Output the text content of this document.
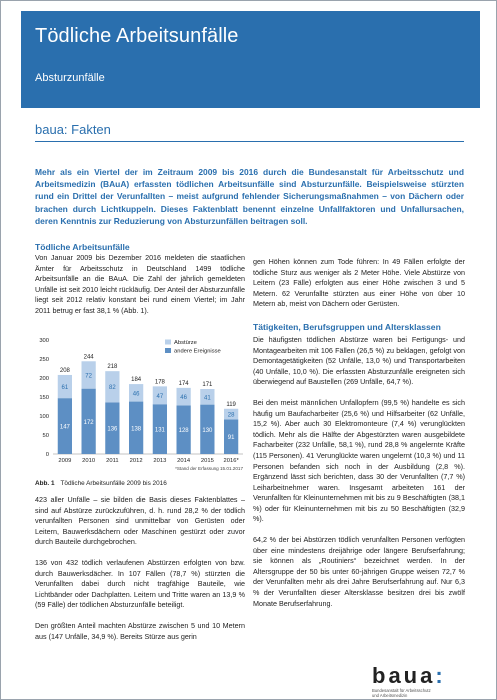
Tödliche Arbeitsunfälle
Absturzunfälle
baua: Fakten
Mehr als ein Viertel der im Zeitraum 2009 bis 2016 durch die Bundesanstalt für Arbeitsschutz und Arbeitsmedizin (BAuA) erfassten tödlichen Arbeitsunfälle sind Absturzunfälle. Beispielsweise stürzten rund ein Drittel der Verunfallten – meist aufgrund fehlender Sicherungsmaßnahmen – von Dächern oder brachen durch Lichtkuppeln. Dieses Faktenblatt benennt einzelne Unfallfaktoren und Unfallursachen, deren Kenntnis zur Reduzierung von Absturzunfällen beitragen soll.
Tödliche Arbeitsunfälle

Von Januar 2009 bis Dezember 2016 meldeten die staatlichen Ämter für Arbeitsschutz in Deutschland 1499 tödliche Arbeitsunfälle an die BAuA. Die Zahl der jährlich gemeldeten Unfälle ist seit 2010 leicht rückläufig. Der Anteil der Absturzunfälle liegt seit 2012 relativ konstant bei rund einem Viertel; im Jahr 2011 betrug er fast 38,1 % (Abb. 1).

0
50
100
150
200
250
300
147
61
208
2009
172
72
244
2010
136
82
218
2011
138
46
184
2012
131
47
178
2013
128
46
174
2014
130
41
171
2015
91
28
119
2016*
Abstürze
andere Ereignisse
*Stand der Erfassung 15.01.2017
Abb. 1 Tödliche Arbeitsunfälle 2009 bis 2016

423 aller Unfälle – sie bilden die Basis dieses Faktenblattes – sind auf Abstürze zurückzuführen, d. h. rund 28,2 % der tödlich verunfallten Personen sind unmittelbar von Gerüsten oder Leitern, Bauwerksdächern oder Maschinen gestürzt oder zuvor durch Bauteile durchgebrochen.

136 von 432 tödlich verlaufenen Abstürzen erfolgten von bzw. durch Bauwerksdächer. In 107 Fällen (78,7 %) stürzten die Verunfallten dabei durch nicht tragfähige Bauteile, wie Lichtbänder oder Dachplatten. Leitern und Tritte waren an 13,9 % (59 Fälle) der tödlichen Absturzunfälle beteiligt.

Den größten Anteil machten Abstürze zwischen 5 und 10 Metern aus (147 Unfälle, 34,9 %). Bereits Stürze aus gerin

gen Höhen können zum Tode führen: In 49 Fällen erfolgte der tödliche Sturz aus weniger als 2 Meter Höhe. Viele Abstürze von Leitern (23 Fälle) erfolgten aus einer Höhe zwischen 3 und 5 Metern. 62 Verunfallte stürzten aus einer Höhe von über 10 Metern ab, meist von Dächern oder Gerüsten.

Tätigkeiten, Berufsgruppen und Altersklassen

Die häufigsten tödlichen Abstürze waren bei Fertigungs- und Montagearbeiten mit 106 Fällen (26,5 %) zu beklagen, gefolgt von Demontagetätigkeiten (52 Unfälle, 13,0 %) und Transportarbeiten (40 Unfälle, 10,0 %). Die erfassten Absturzunfälle ereigneten sich überwiegend auf Baustellen (269 Unfälle, 64,7 %).

Bei den meist männlichen Unfallopfern (99,5 %) handelte es sich häufig um Baufacharbeiter (25,6 %) und Hilfsarbeiter (62 Unfälle, 15,2 %). Aber auch 30 Elektromonteure (7,4 %) verunglückten tödlich. Mehr als die Hälfte der Abgestürzten waren ausgebildete Facharbeiter (232 Unfälle, 58,1 %), rund 28,8 % angelernte Kräfte (115 Personen). 41 Verunglückte waren ungelernt (10,3 %) und 11 Personen befanden sich noch in der Ausbildung (2,8 %). Ergänzend lässt sich berichten, dass 30 der Verunfallten (7,7 %) Leiharbeitnehmer waren. Insgesamt arbeiteten 161 der Verunfallten für Kleinunternehmen mit bis zu 9 Beschäftigten (38,1 %) oder für Kleinunternehmen mit bis zu 50 Beschäftigten (32,9 %).

64,2 % der bei Abstürzen tödlich verunfallten Personen verfügten über eine mindestens dreijährige oder längere Berufserfahrung; sie können als „Routiniers“ bezeichnet werden. In der Altersgruppe der 50 bis unter 60-jährigen Gruppe weisen 72,7 % der Verunfallten mehr als drei Jahre Berufserfahrung auf. Nur 6,3 % der Verunfallten dieser Altersklasse besitzen drei bis zwölf Monate Berufserfahrung.

baua:
Bundesanstalt für Arbeitsschutz
und Arbeitsmedizin
